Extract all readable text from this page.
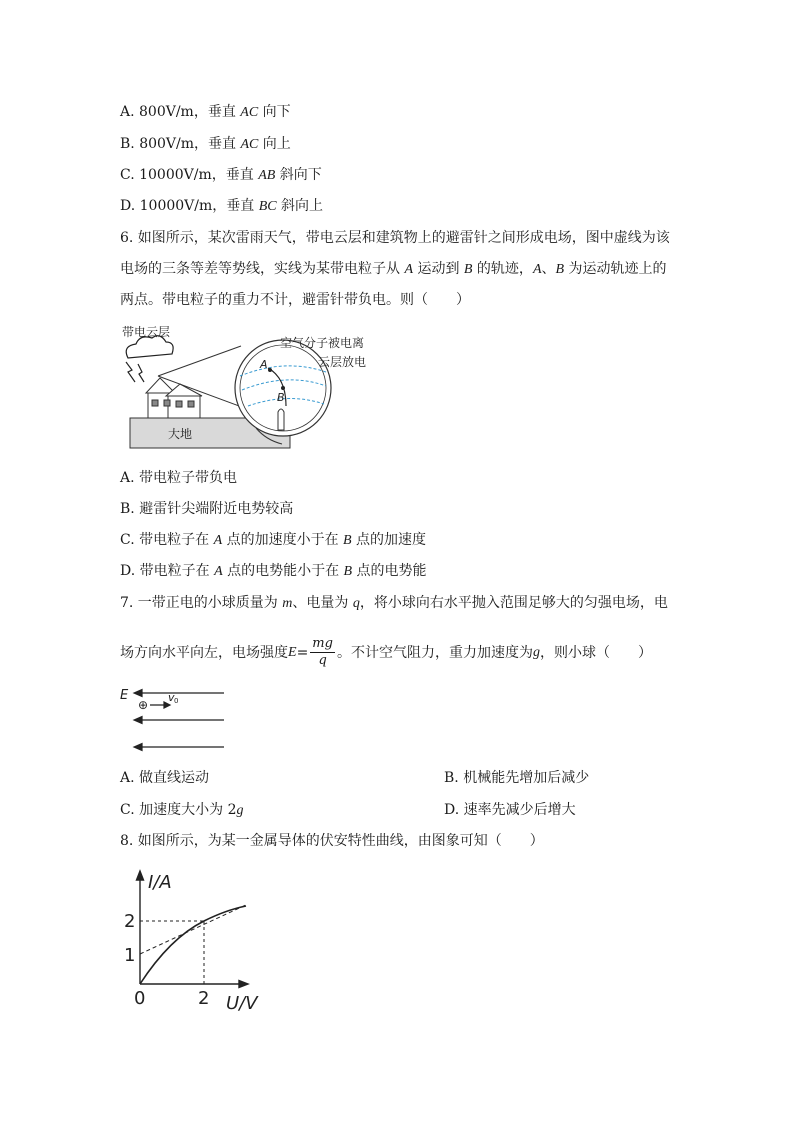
A. 800V/m，垂直 AC 向下
B. 800V/m，垂直 AC 向上
C. 10000V/m，垂直 AB 斜向下
D. 10000V/m，垂直 BC 斜向上
6. 如图所示，某次雷雨天气，带电云层和建筑物上的避雷针之间形成电场，图中虚线为该
电场的三条等差等势线，实线为某带电粒子从 A 运动到 B 的轨迹，A、B 为运动轨迹上的
两点。带电粒子的重力不计，避雷针带负电。则（　　）
带电云层
大地
A
B
空气分子被电离
云层放电
A. 带电粒子带负电
B. 避雷针尖端附近电势较高
C. 带电粒子在 A 点的加速度小于在 B 点的加速度
D. 带电粒子在 A 点的电势能小于在 B 点的电势能
7. 一带正电的小球质量为 m、电量为 q，将小球向右水平抛入范围足够大的匀强电场，电
场方向水平向左，电场强度 $E = \frac{mg}{q}$ 。不计空气阻力，重力加速度为 g ，则小球（　　）
E
⊕
v 0
A. 做直线运动	B. 机械能先增加后减少
C. 加速度大小为 2g	D. 速率先减少后增大
8. 如图所示，为某一金属导体的伏安特性曲线，由图象可知（　　）
I/A
2
1
0	2 U/V
